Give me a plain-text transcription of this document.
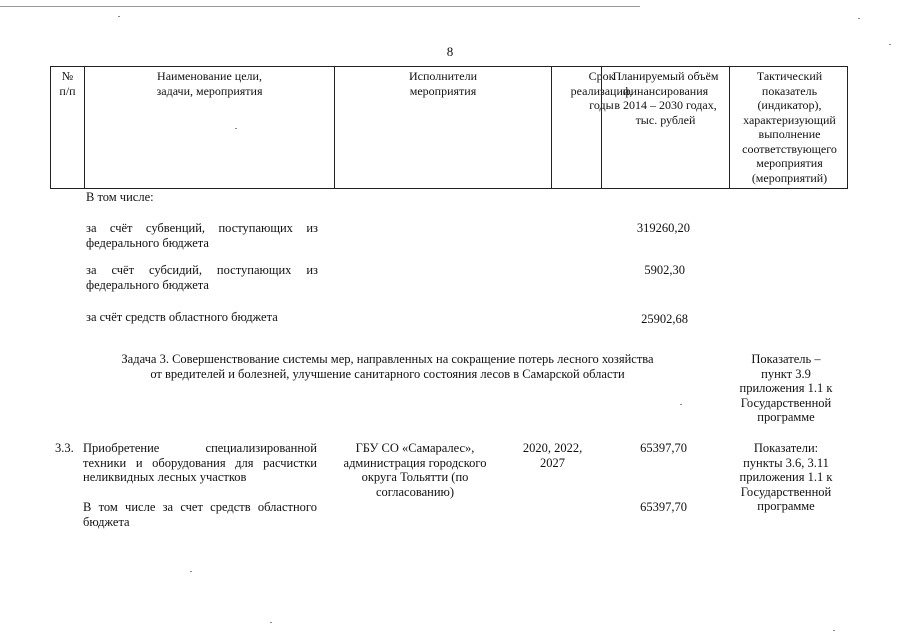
8
№
п/п
Наименование цели,
задачи, мероприятия
Исполнители
мероприятия
Срок
реализации,
годы
Планируемый объём
финансирования
в 2014 – 2030 годах,
тыс. рублей
Тактический
показатель
(индикатор),
характеризующий
выполнение
соответствующего
мероприятия
(мероприятий)
В том числе:
за счёт субвенций, поступающих из федерального бюджета
319260,20
за счёт субсидий, поступающих из федерального бюджета
5902,30
за счёт средств областного бюджета	25902,68
Задача 3. Совершенствование системы мер, направленных на сокращение потерь лесного хозяйства
от вредителей и болезней, улучшение санитарного состояния лесов в Самарской области
Показатель –
пункт 3.9
приложения 1.1 к
Государственной
программе
3.3. Приобретение специализированной техники и оборудования для расчистки неликвидных лесных участков
ГБУ СО «Самаралес»,
администрация городского
округа Тольятти (по
согласованию)
2020, 2022,
2027
65397,70	Показатели:
пункты 3.6, 3.11
приложения 1.1 к
Государственной
программе
В том числе за счет средств областного бюджета
65397,70
